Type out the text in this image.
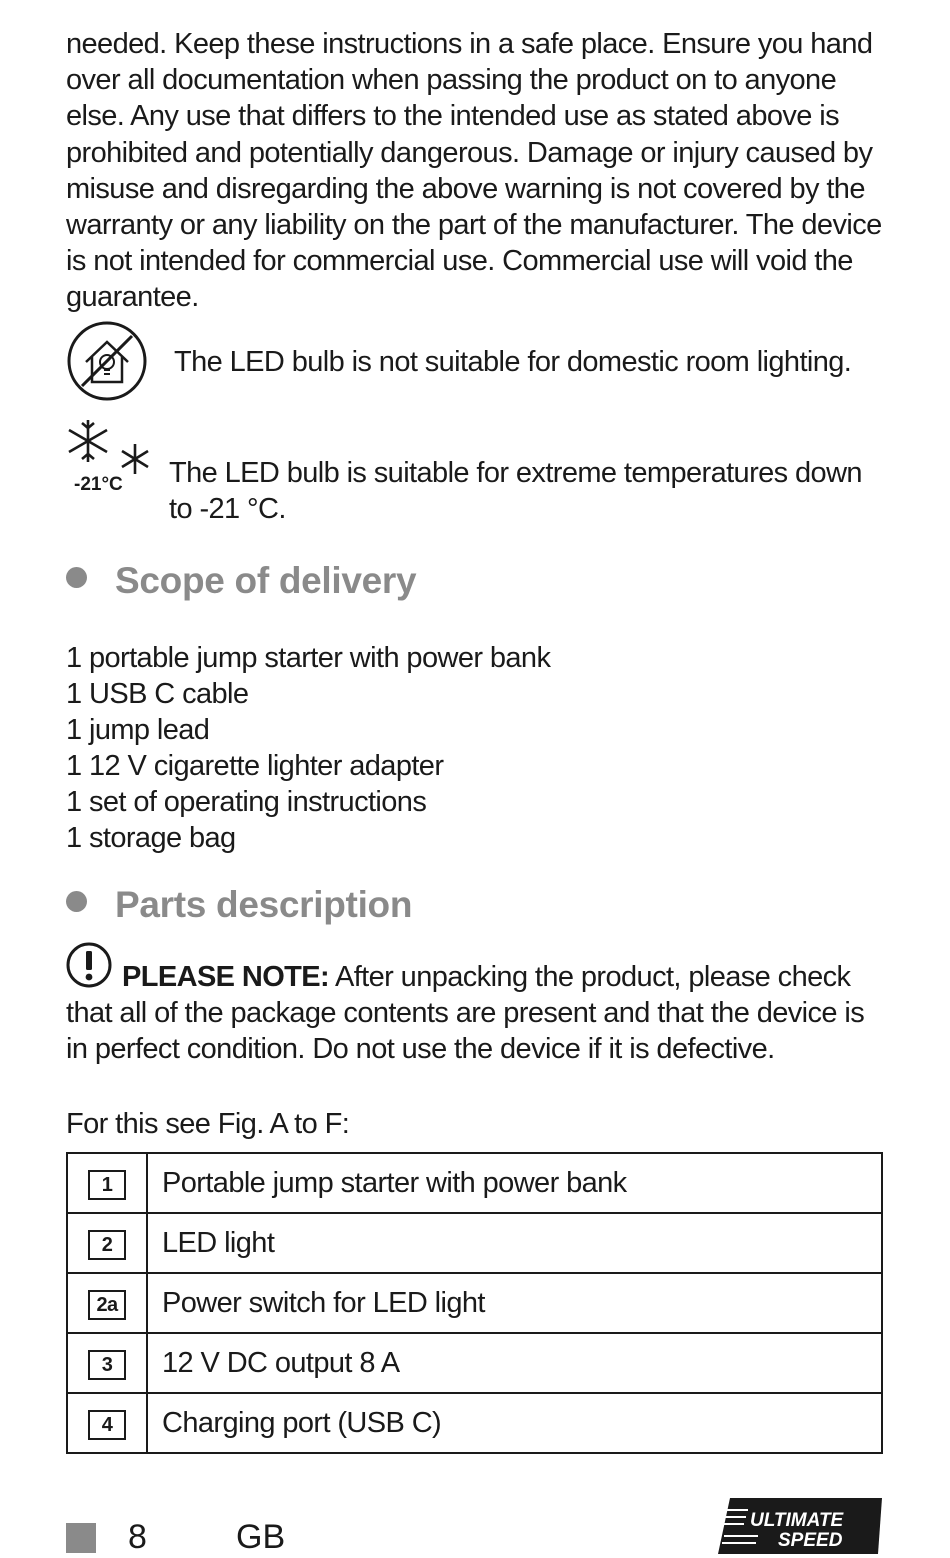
needed. Keep these instructions in a safe place. Ensure you hand over all documentation when passing the product on to anyone else. Any use that differs to the intended use as stated above is prohibited and potentially dangerous. Damage or injury caused by misuse and disregarding the above warning is not covered by the warranty or any liability on the part of the manufacturer. The device is not intended for commercial use. Commercial use will void the guarantee.

The LED bulb is not suitable for domestic room lighting.
-21°C The LED bulb is suitable for extreme temperatures down to -21 °C.
Scope of delivery
1 portable jump starter with power bank
1 USB C cable
1 jump lead
1 12 V cigarette lighter adapter
1 set of operating instructions
1 storage bag
Parts description
PLEASE NOTE: After unpacking the product, please check that all of the package contents are present and that the device is in perfect condition. Do not use the device if it is defective.
For this see Fig. A to F:
1	Portable jump starter with power bank
2	LED light
2a	Power switch for LED light
3	12 V DC output 8 A
4	Charging port (USB C)
8	GB	ULTIMATE
SPEED
